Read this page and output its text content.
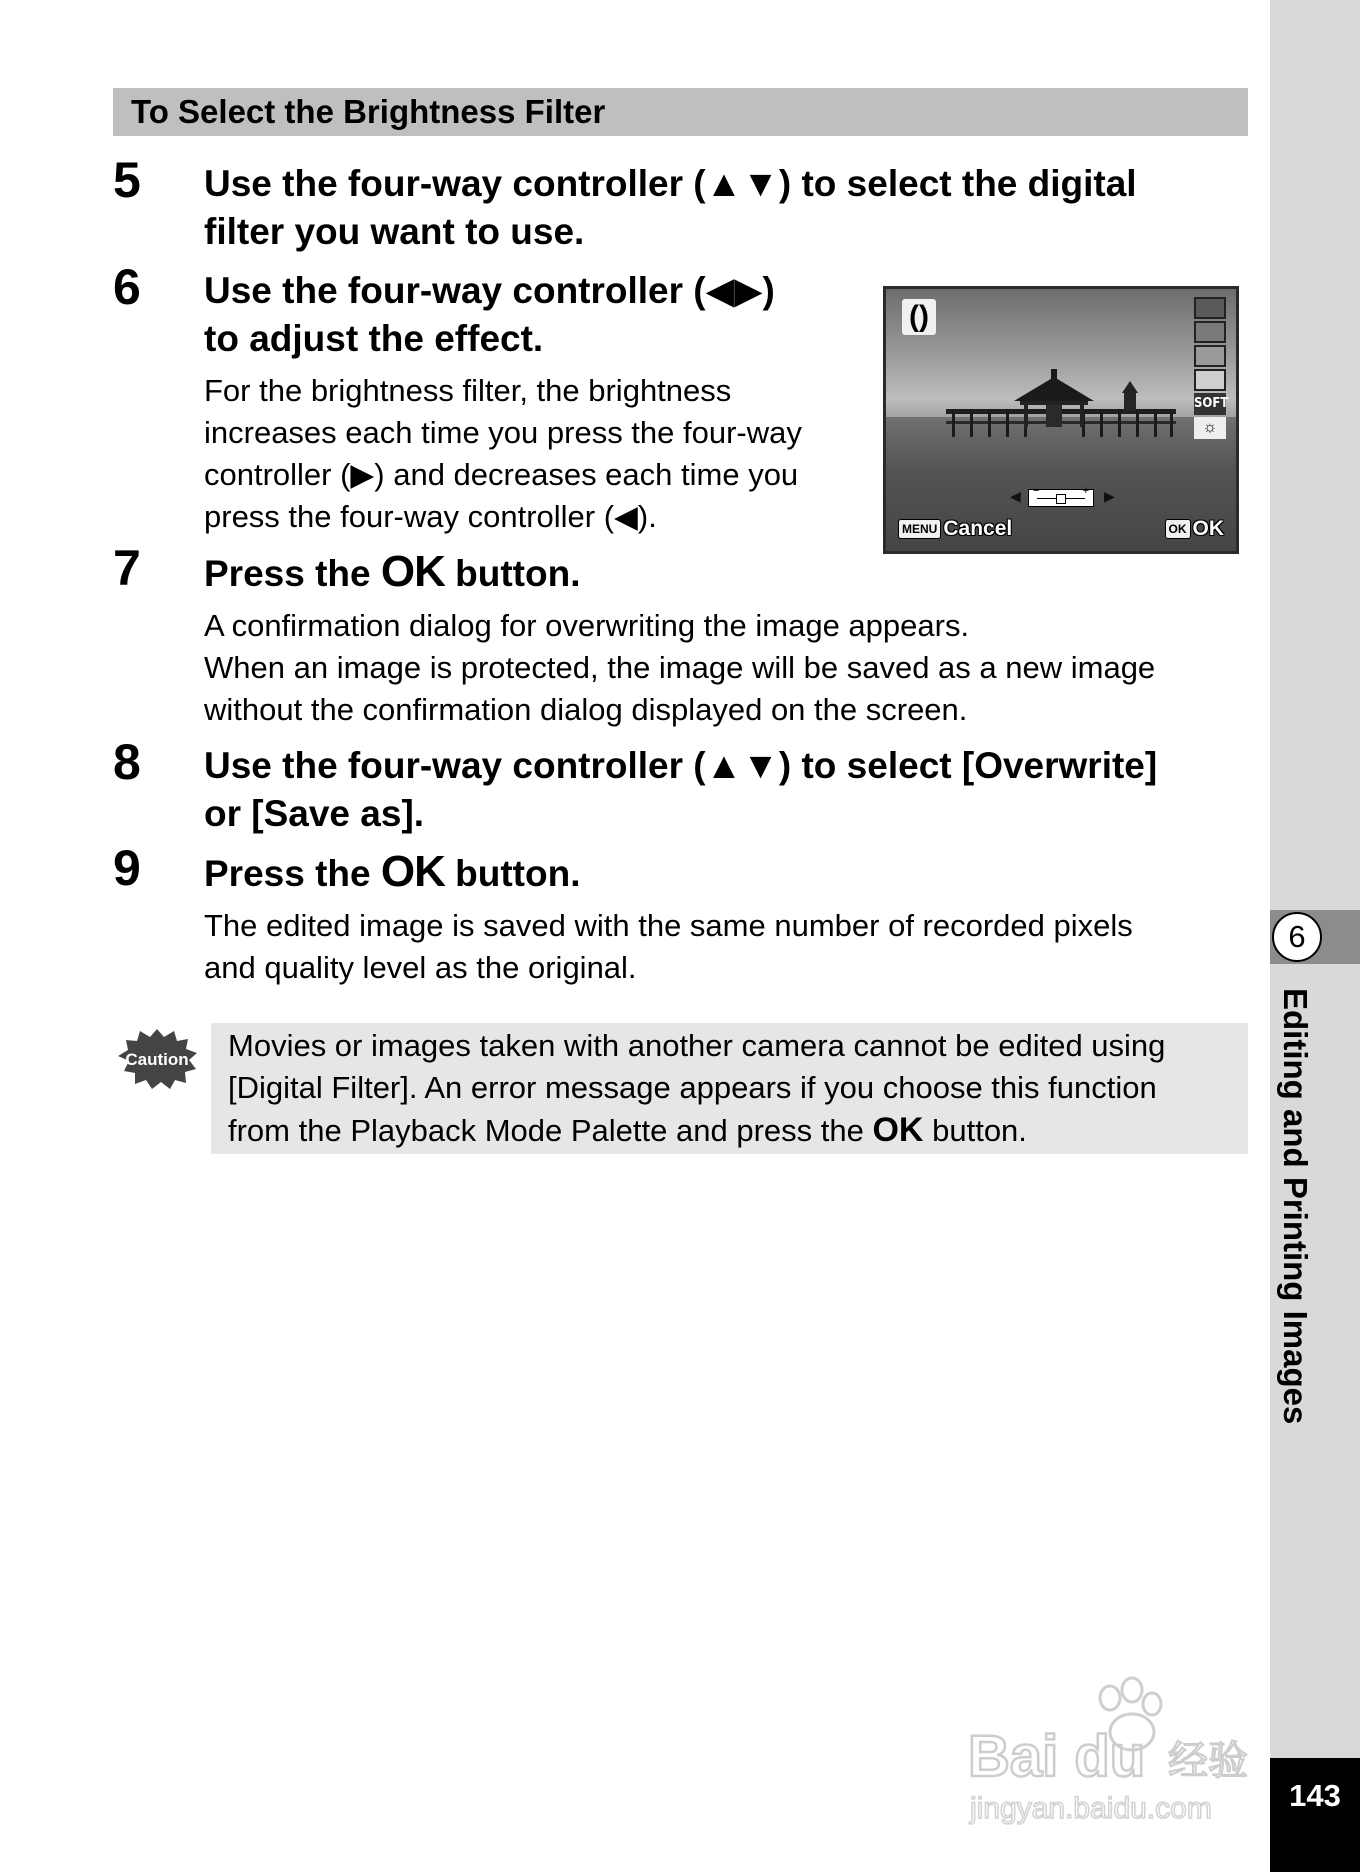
To Select the Brightness Filter
5 Use the four-way controller (▲▼) to select the digital
filter you want to use.
6 Use the four-way controller (◀▶)
to adjust the effect.
For the brightness filter, the brightness
increases each time you press the four-way
controller (▶) and decreases each time you
press the four-way controller (◀).
()
SOFT
☼
◀ −	+ ▶
MENU Cancel	OK OK
7 Press the OK button.
A confirmation dialog for overwriting the image appears.
When an image is protected, the image will be saved as a new image
without the confirmation dialog displayed on the screen.
8 Use the four-way controller (▲▼) to select [Overwrite]
or [Save as].
9 Press the OK button.
The edited image is saved with the same number of recorded pixels
and quality level as the original.
Caution Movies or images taken with another camera cannot be edited using
[Digital Filter]. An error message appears if you choose this function
from the Playback Mode Palette and press the OK button.
6
Editing and Printing Images
Bai du 经验
jingyan.baidu.com	143
